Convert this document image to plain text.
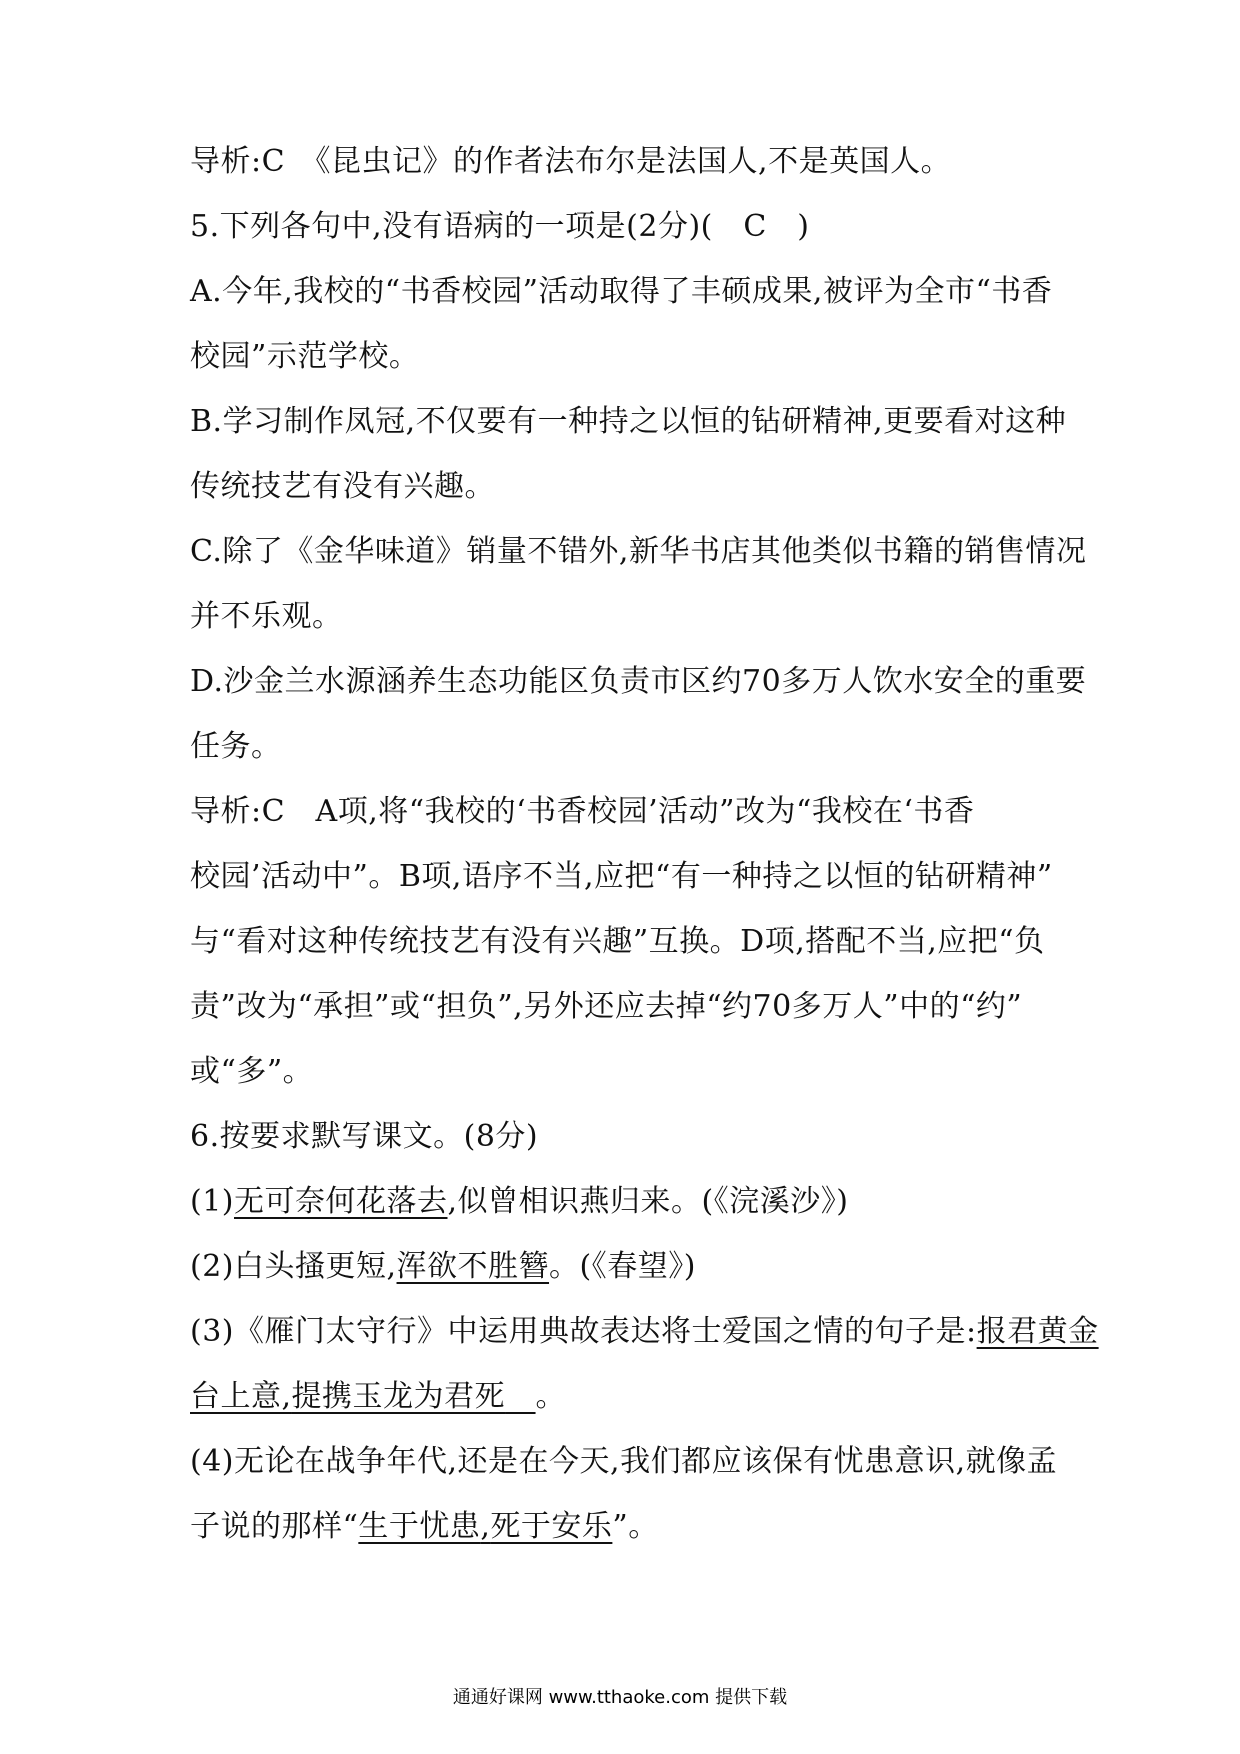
导析:C　《昆虫记》的作者法布尔是法国人,不是英国人。
5.下列各句中,没有语病的一项是(2分)(　C　)
A.今年,我校的“书香校园”活动取得了丰硕成果,被评为全市“书香
校园”示范学校。
B.学习制作凤冠,不仅要有一种持之以恒的钻研精神,更要看对这种
传统技艺有没有兴趣。
C.除了《金华味道》销量不错外,新华书店其他类似书籍的销售情况
并不乐观。
D.沙金兰水源涵养生态功能区负责市区约70多万人饮水安全的重要
任务。
导析:C　A项,将“我校的‘书香校园’活动”改为“我校在‘书香
校园’活动中”。B项,语序不当,应把“有一种持之以恒的钻研精神”
与“看对这种传统技艺有没有兴趣”互换。D项,搭配不当,应把“负
责”改为“承担”或“担负”,另外还应去掉“约70多万人”中的“约”
或“多”。
6.按要求默写课文。(8分)
(1)无可奈何花落去,似曾相识燕归来。(《浣溪沙》)
(2)白头搔更短,浑欲不胜簪。(《春望》)
(3)《雁门太守行》中运用典故表达将士爱国之情的句子是:报君黄金
台上意,提携玉龙为君死　 。
(4)无论在战争年代,还是在今天,我们都应该保有忧患意识,就像孟
子说的那样“生于忧患,死于安乐”。
通通好课网 www.tthaoke.com 提供下载
